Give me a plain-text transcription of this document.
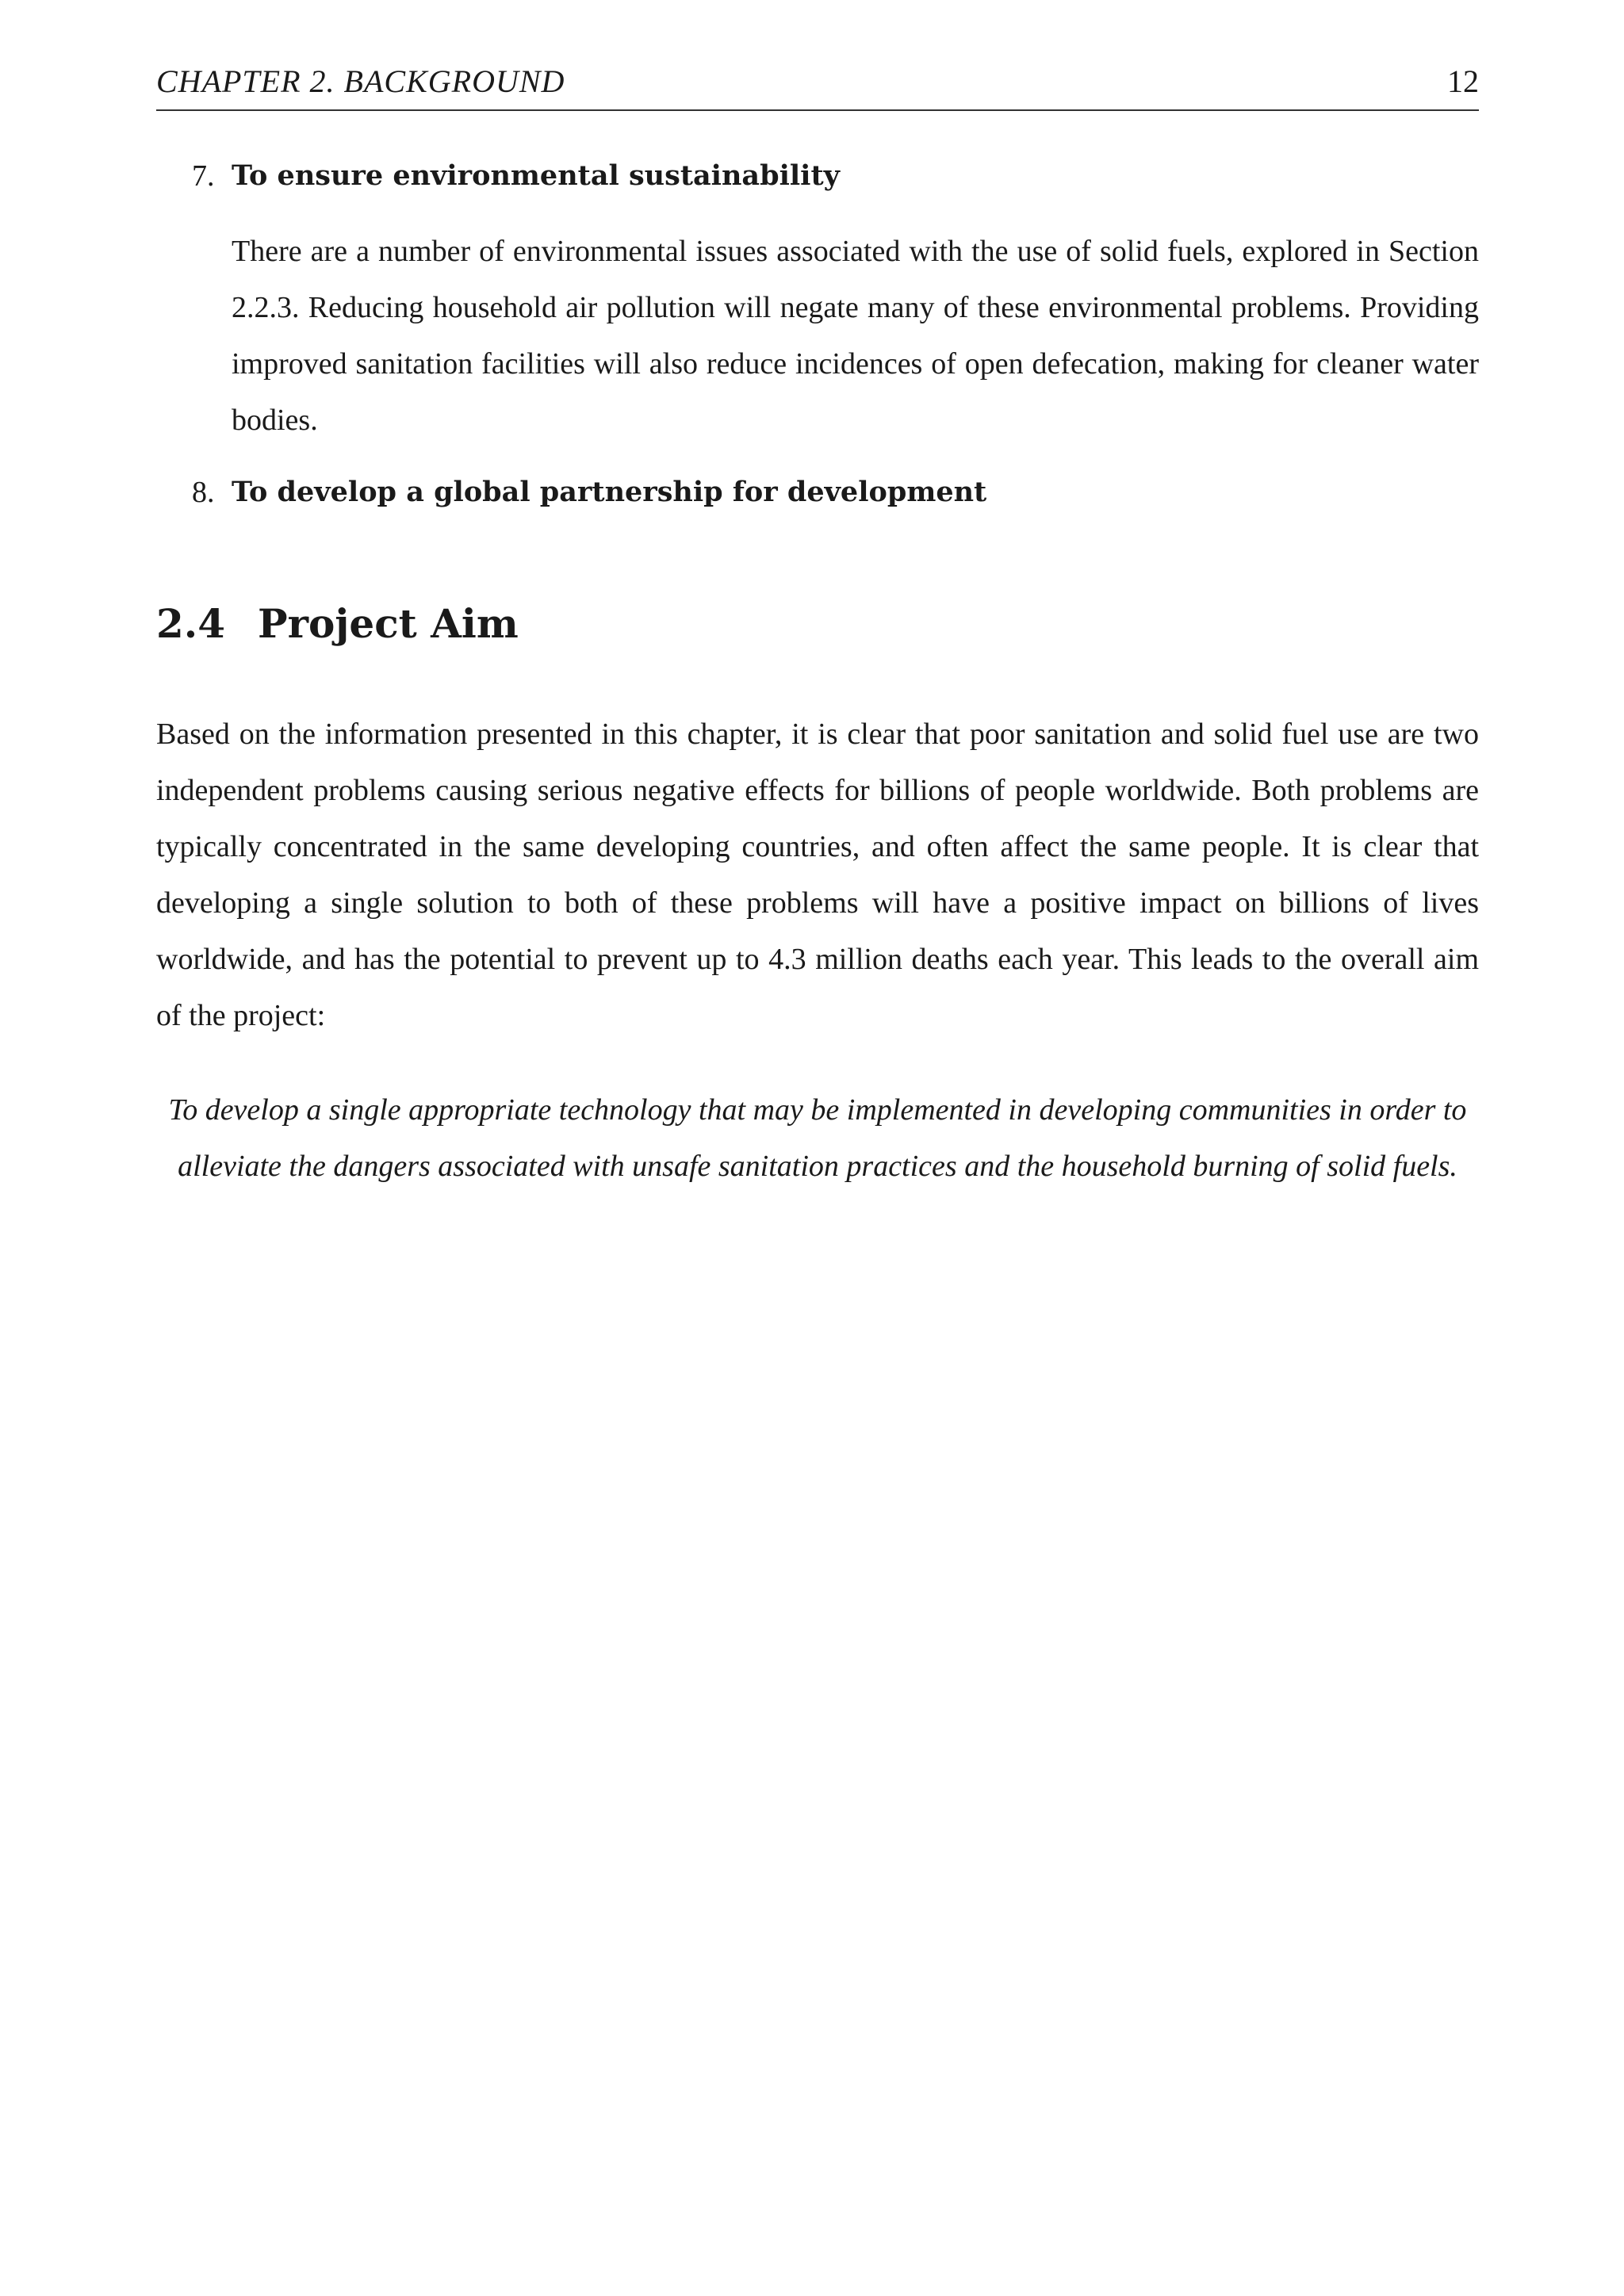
CHAPTER 2. BACKGROUND	12
7. To ensure environmental sustainability
There are a number of environmental issues associated with the use of solid fuels, explored in Section 2.2.3. Reducing household air pollution will negate many of these environmental problems. Providing improved sanitation facilities will also reduce incidences of open defecation, making for cleaner water bodies.
8. To develop a global partnership for development
2.4 Project Aim
Based on the information presented in this chapter, it is clear that poor sanitation and solid fuel use are two independent problems causing serious negative effects for billions of people worldwide. Both problems are typically concentrated in the same developing countries, and often affect the same people. It is clear that developing a single solution to both of these problems will have a positive impact on billions of lives worldwide, and has the potential to prevent up to 4.3 million deaths each year. This leads to the overall aim of the project:
To develop a single appropriate technology that may be implemented in developing communities in order to alleviate the dangers associated with unsafe sanitation practices and the household burning of solid fuels.
